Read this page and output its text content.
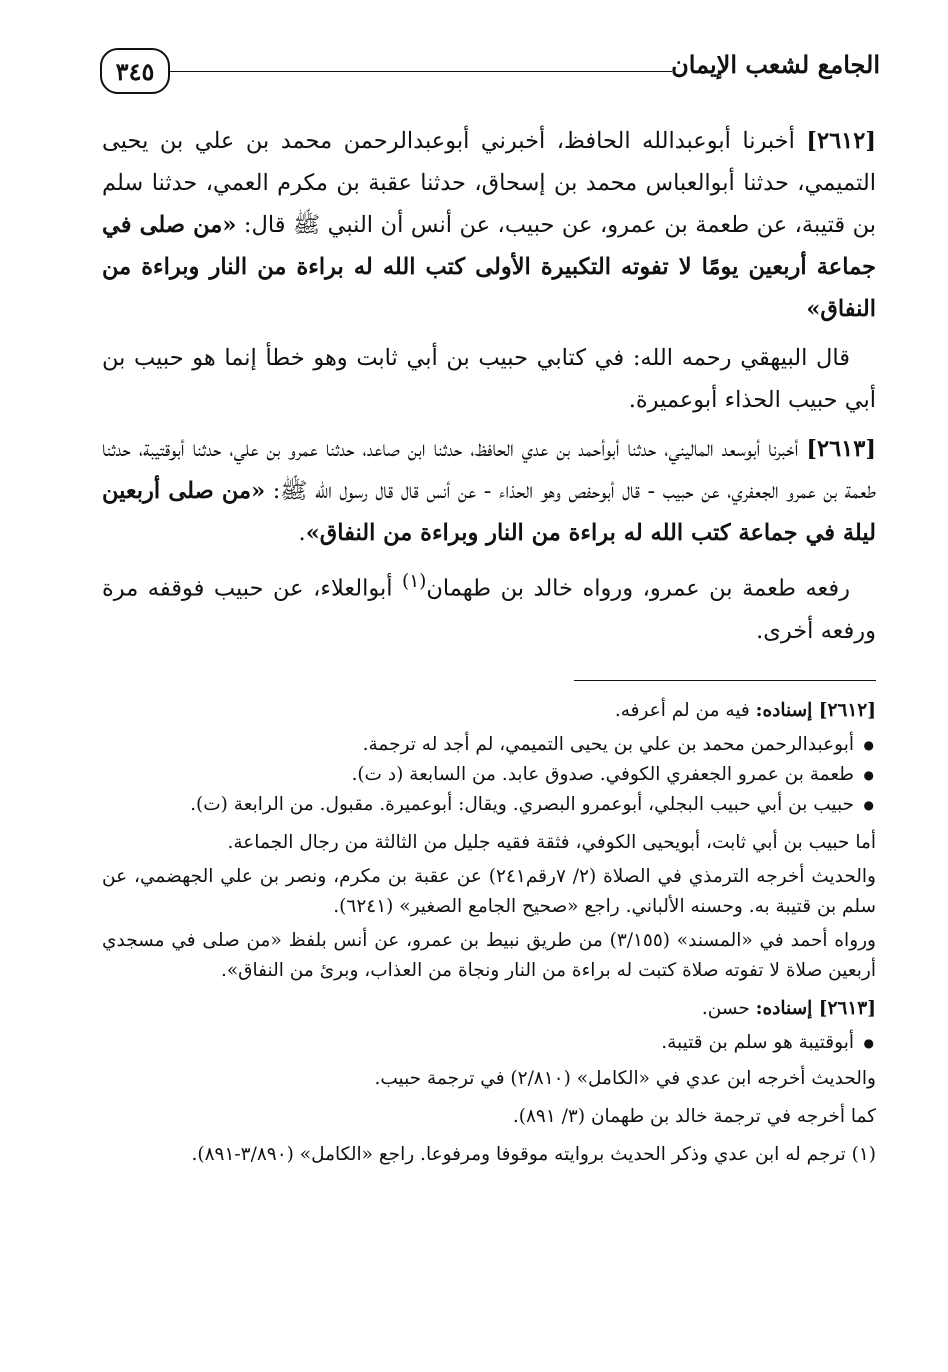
الجامع لشعب الإيمان
٣٤٥

[٢٦١٢] أخبرنا أبوعبدالله الحافظ، أخبرني أبوعبدالرحمن محمد بن علي بن يحيى التميمي، حدثنا أبوالعباس محمد بن إسحاق، حدثنا عقبة بن مكرم العمي، حدثنا سلم بن قتيبة، عن طعمة بن عمرو، عن حبيب، عن أنس أن النبي ﷺ قال: «من صلى في جماعة أربعين يومًا لا تفوته التكبيرة الأولى كتب الله له براءة من النار وبراءة من النفاق»

قال البيهقي رحمه الله: في كتابي حبيب بن أبي ثابت وهو خطأ إنما هو حبيب بن أبي حبيب الحذاء أبوعميرة.

[٢٦١٣] أخبرنا أبوسعد الماليني، حدثنا أبوأحمد بن عدي الحافظ، حدثنا ابن صاعد، حدثنا عمرو بن علي، حدثنا أبوقتيبة، حدثنا طعمة بن عمرو الجعفري، عن حبيب - قال أبوحفص وهو الحذاء - عن أنس قال قال رسول الله ﷺ: «من صلى أربعين ليلة في جماعة كتب الله له براءة من النار وبراءة من النفاق».

رفعه طعمة بن عمرو، ورواه خالد بن طهمان$^{(١)}$ أبوالعلاء، عن حبيب فوقفه مرة ورفعه أخرى.

[٢٦١٢] إسناده: فيه من لم أعرفه.

● أبوعبدالرحمن محمد بن علي بن يحيى التميمي، لم أجد له ترجمة.
● طعمة بن عمرو الجعفري الكوفي. صدوق عابد. من السابعة (د ت).
● حبيب بن أبي حبيب البجلي، أبوعمرو البصري. ويقال: أبوعميرة. مقبول. من الرابعة (ت).

أما حبيب بن أبي ثابت، أبويحيى الكوفي، فثقة فقيه جليل من الثالثة من رجال الجماعة.

والحديث أخرجه الترمذي في الصلاة (٢/ ٧رقم٢٤١) عن عقبة بن مكرم، ونصر بن علي الجهضمي، عن سلم بن قتيبة به. وحسنه الألباني. راجع «صحيح الجامع الصغير» (٦٢٤١).

ورواه أحمد في «المسند» (٣/١٥٥) من طريق نبيط بن عمرو، عن أنس بلفظ «من صلى في مسجدي أربعين صلاة لا تفوته صلاة كتبت له براءة من النار ونجاة من العذاب، وبرئ من النفاق».

[٢٦١٣] إسناده: حسن.

● أبوقتيبة هو سلم بن قتيبة.

والحديث أخرجه ابن عدي في «الكامل» (٢/٨١٠) في ترجمة حبيب.

كما أخرجه في ترجمة خالد بن طهمان (٣/ ٨٩١).

(١) ترجم له ابن عدي وذكر الحديث بروايته موقوفا ومرفوعا. راجع «الكامل» (٣/٨٩٠-٨٩١).
